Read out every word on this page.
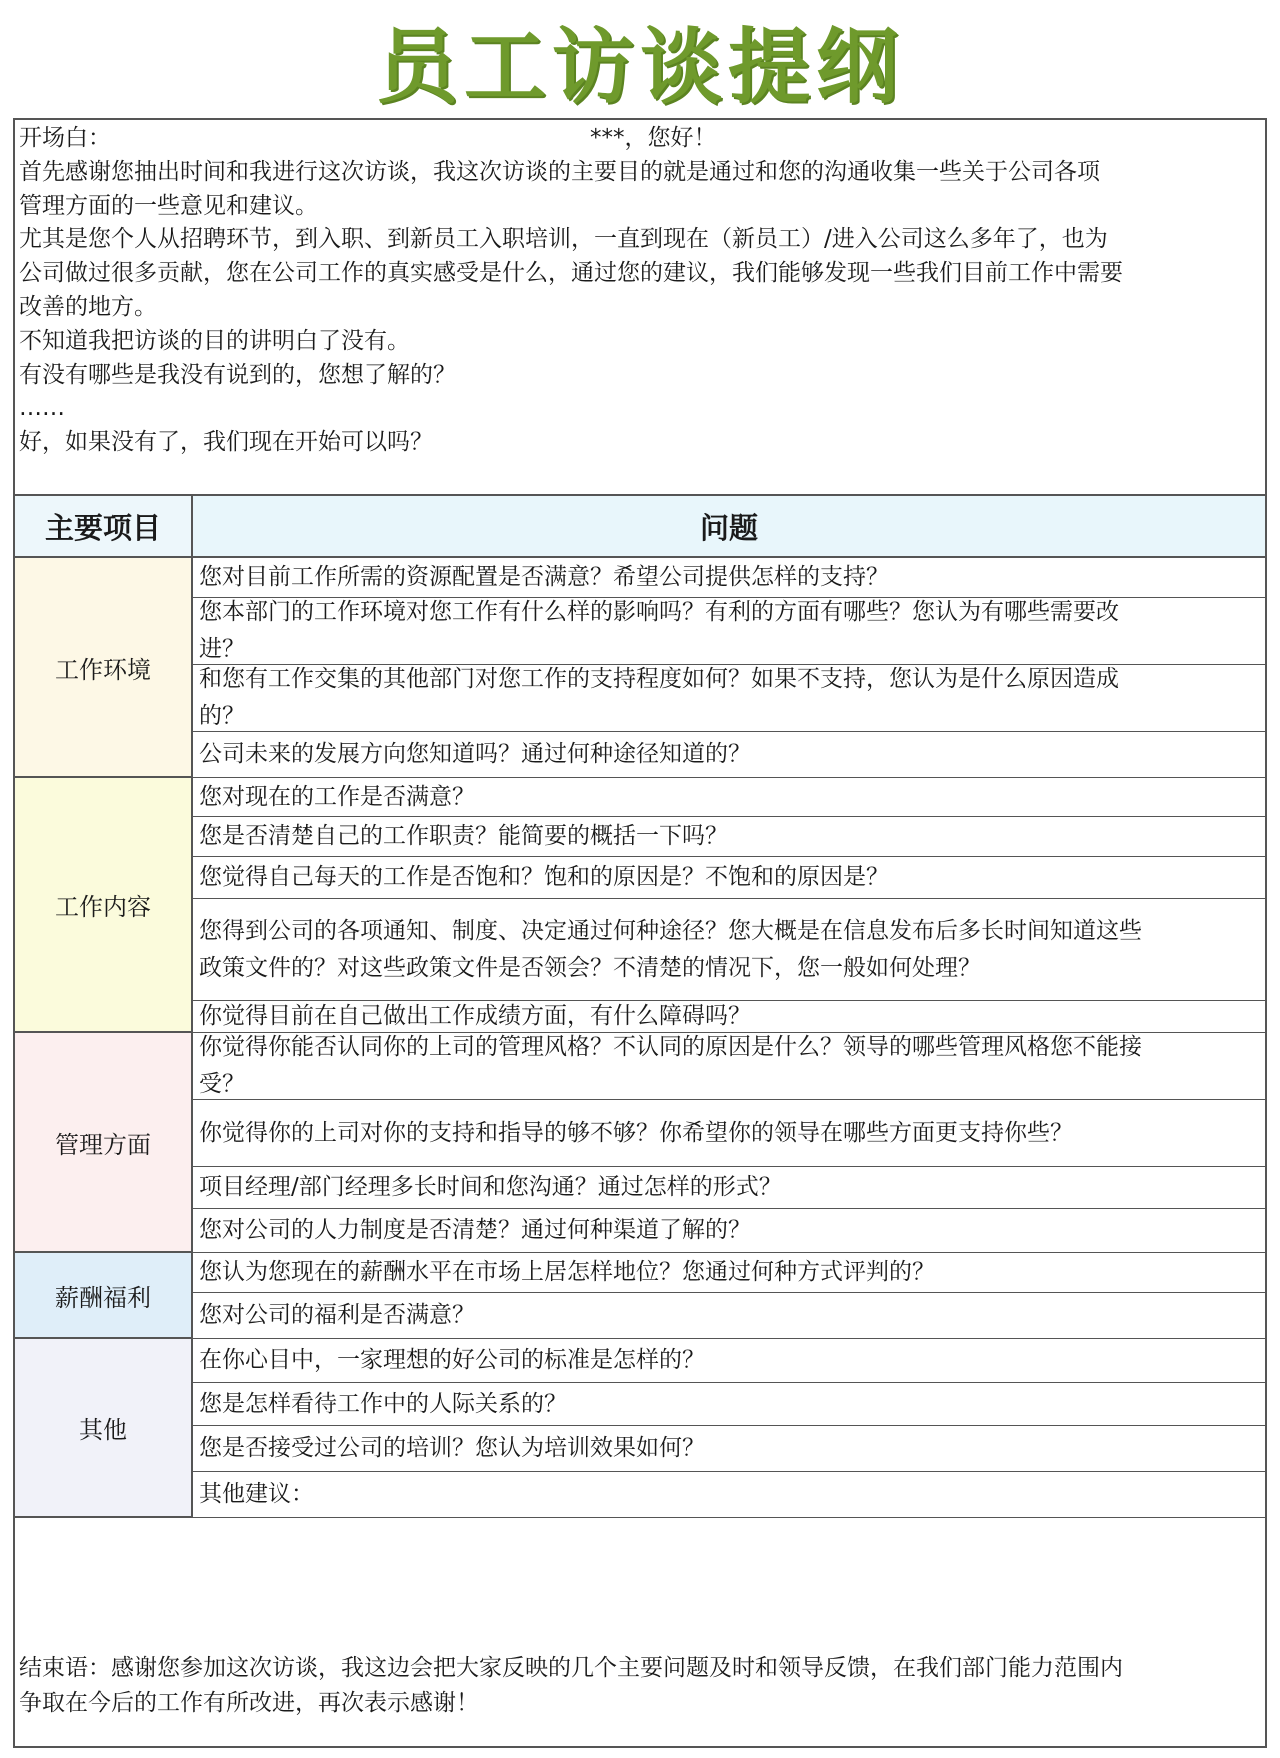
员工访谈提纲
开场白：	***，您好！
首先感谢您抽出时间和我进行这次访谈，我这次访谈的主要目的就是通过和您的沟通收集一些关于公司各项
管理方面的一些意见和建议。
尤其是您个人从招聘环节，到入职、到新员工入职培训，一直到现在（新员工）/进入公司这么多年了，也为
公司做过很多贡献，您在公司工作的真实感受是什么，通过您的建议，我们能够发现一些我们目前工作中需要
改善的地方。
不知道我把访谈的目的讲明白了没有。
有没有哪些是我没有说到的，您想了解的？
……
好，如果没有了，我们现在开始可以吗？
主要项目	问题
工作环境
您对目前工作所需的资源配置是否满意？希望公司提供怎样的支持？
您本部门的工作环境对您工作有什么样的影响吗？有利的方面有哪些？您认为有哪些需要改
进？
和您有工作交集的其他部门对您工作的支持程度如何？如果不支持，您认为是什么原因造成
的？
公司未来的发展方向您知道吗？通过何种途径知道的？
工作内容
您对现在的工作是否满意？
您是否清楚自己的工作职责？能简要的概括一下吗？
您觉得自己每天的工作是否饱和？饱和的原因是？不饱和的原因是？
您得到公司的各项通知、制度、决定通过何种途径？您大概是在信息发布后多长时间知道这些
政策文件的？对这些政策文件是否领会？不清楚的情况下，您一般如何处理？
你觉得目前在自己做出工作成绩方面，有什么障碍吗？
管理方面
你觉得你能否认同你的上司的管理风格？不认同的原因是什么？领导的哪些管理风格您不能接
受？
你觉得你的上司对你的支持和指导的够不够？你希望你的领导在哪些方面更支持你些？
项目经理/部门经理多长时间和您沟通？通过怎样的形式？
您对公司的人力制度是否清楚？通过何种渠道了解的？
薪酬福利
您认为您现在的薪酬水平在市场上居怎样地位？您通过何种方式评判的？
您对公司的福利是否满意？
其他
在你心目中，一家理想的好公司的标准是怎样的？
您是怎样看待工作中的人际关系的？
您是否接受过公司的培训？您认为培训效果如何？
其他建议：
结束语：感谢您参加这次访谈，我这边会把大家反映的几个主要问题及时和领导反馈，在我们部门能力范围内
争取在今后的工作有所改进，再次表示感谢！
